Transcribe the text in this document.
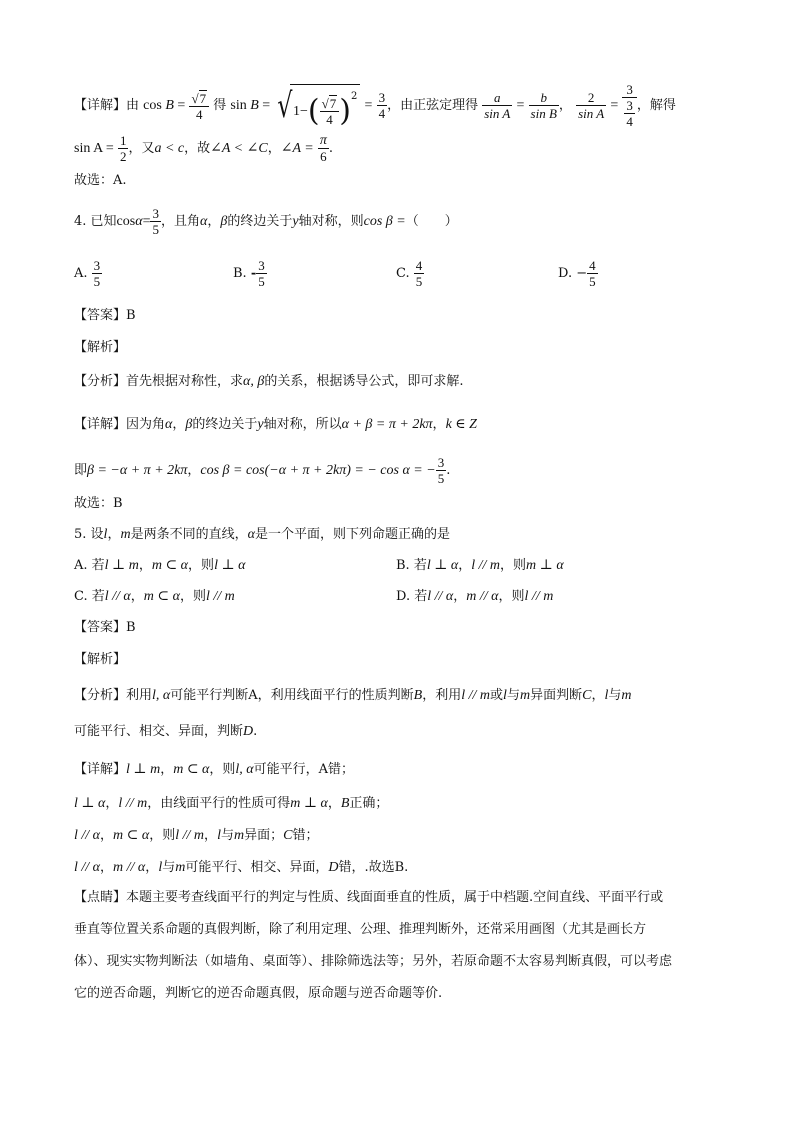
【详解】由 $\cos B = \frac{√7}{4}$ 得 $\sin B = √1-( \frac{√7}{4} )^2 = \frac{3}{4}$ ，由正弦定理得 $\frac{a}{\text{sin A}} = \frac{b}{\text{sin B}}$ ， $\frac{2}{\text{sin A}} = \frac{3}{\frac{3}{4}}$ ，解得
$\sin A = \frac{1}{2}$ ，又a < c，故∠A < ∠C，∠A = $\frac{\pi}{6}$ .
故选：A.
4. 已知$\cos\alpha= \frac{3}{5}$ ，且角α，β的终边关于y轴对称，则cos β =（　　）
A. $\frac{3}{5}$	B. - $\frac{3}{5}$	C. $\frac{4}{5}$	D. − $\frac{4}{5}$
【答案】B
【解析】
【分析】首先根据对称性，求α, β的关系，根据诱导公式，即可求解.
【详解】因为角α，β的终边关于y轴对称，所以α + β = π + 2kπ，k ∈ Z
即β = −α + π + 2kπ，cos β = cos(−α + π + 2kπ) = − cos α = − $\frac{3}{5}$ .
故选：B
5. 设l，m是两条不同的直线，α是一个平面，则下列命题正确的是
A. 若l ⊥ m，m ⊂ α，则l ⊥ α	B. 若l ⊥ α，l // m，则m ⊥ α
C. 若l // α，m ⊂ α，则l // m	D. 若l // α，m // α，则l // m
【答案】B
【解析】
【分析】利用l, α可能平行判断A，利用线面平行的性质判断B，利用l // m或l与m异面判断C，l与m
可能平行、相交、异面，判断D.
【详解】l ⊥ m，m ⊂ α，则l, α可能平行，A错；
l ⊥ α，l // m，由线面平行的性质可得m ⊥ α，B正确；
l // α，m ⊂ α，则l // m，l与m异面；C错；
l // α，m // α，l与m可能平行、相交、异面，D错，.故选B.
【点睛】本题主要考查线面平行的判定与性质、线面面垂直的性质，属于中档题.空间直线、平面平行或
垂直等位置关系命题的真假判断，除了利用定理、公理、推理判断外，还常采用画图（尤其是画长方
体）、现实实物判断法（如墙角、桌面等）、排除筛选法等；另外，若原命题不太容易判断真假，可以考虑
它的逆否命题，判断它的逆否命题真假，原命题与逆否命题等价.
